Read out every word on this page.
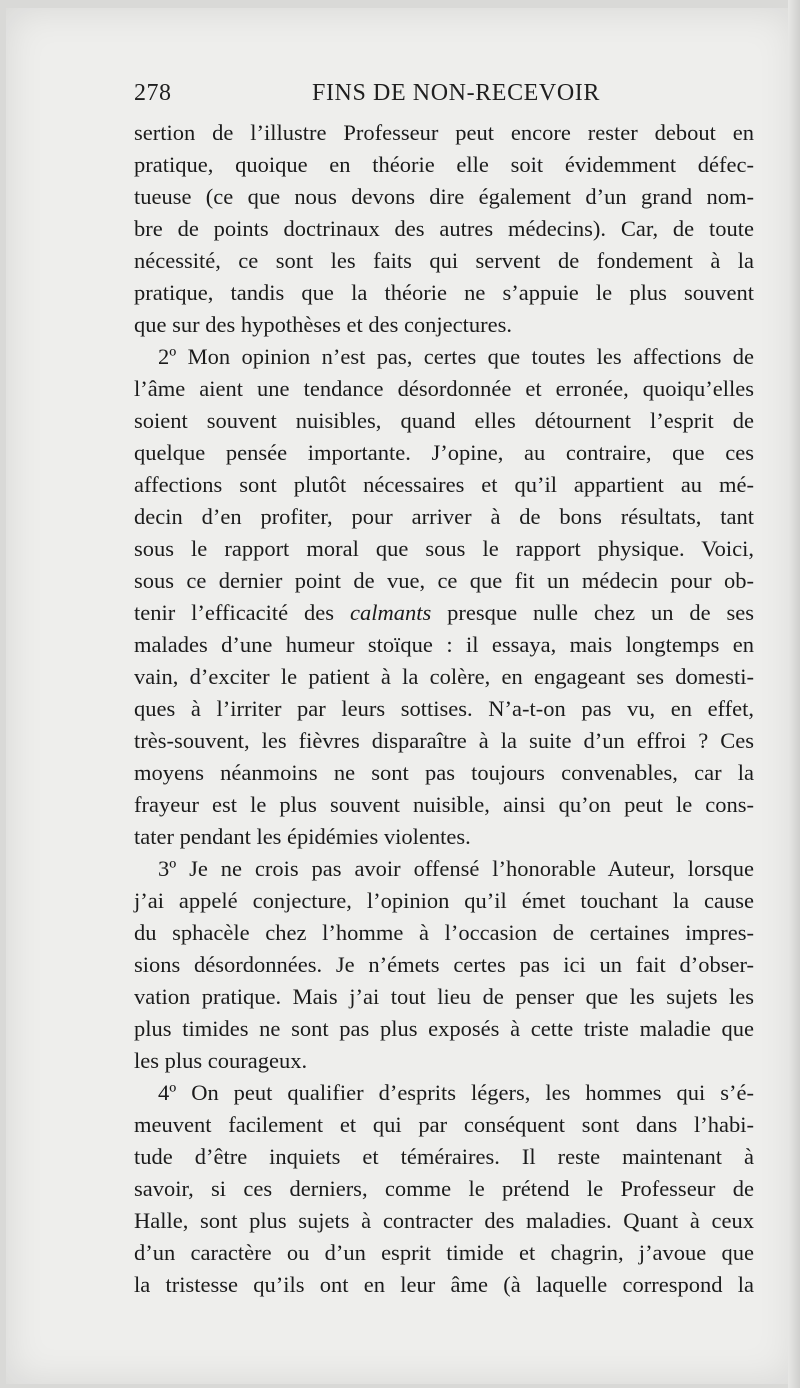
278	FINS DE NON-RECEVOIR
sertion de l’illustre Professeur peut encore rester debout en
pratique, quoique en théorie elle soit évidemment défec-
tueuse (ce que nous devons dire également d’un grand nom-
bre de points doctrinaux des autres médecins). Car, de toute
nécessité, ce sont les faits qui servent de fondement à la
pratique, tandis que la théorie ne s’appuie le plus souvent
que sur des hypothèses et des conjectures.
2º Mon opinion n’est pas, certes que toutes les affections de
l’âme aient une tendance désordonnée et erronée, quoiqu’elles
soient souvent nuisibles, quand elles détournent l’esprit de
quelque pensée importante. J’opine, au contraire, que ces
affections sont plutôt nécessaires et qu’il appartient au mé-
decin d’en profiter, pour arriver à de bons résultats, tant
sous le rapport moral que sous le rapport physique. Voici,
sous ce dernier point de vue, ce que fit un médecin pour ob-
tenir l’efficacité des calmants presque nulle chez un de ses
malades d’une humeur stoïque : il essaya, mais longtemps en
vain, d’exciter le patient à la colère, en engageant ses domesti-
ques à l’irriter par leurs sottises. N’a-t-on pas vu, en effet,
très-souvent, les fièvres disparaître à la suite d’un effroi ? Ces
moyens néanmoins ne sont pas toujours convenables, car la
frayeur est le plus souvent nuisible, ainsi qu’on peut le cons-
tater pendant les épidémies violentes.
3º Je ne crois pas avoir offensé l’honorable Auteur, lorsque
j’ai appelé conjecture, l’opinion qu’il émet touchant la cause
du sphacèle chez l’homme à l’occasion de certaines impres-
sions désordonnées. Je n’émets certes pas ici un fait d’obser-
vation pratique. Mais j’ai tout lieu de penser que les sujets les
plus timides ne sont pas plus exposés à cette triste maladie que
les plus courageux.
4º On peut qualifier d’esprits légers, les hommes qui s’é-
meuvent facilement et qui par conséquent sont dans l’habi-
tude d’être inquiets et téméraires. Il reste maintenant à
savoir, si ces derniers, comme le prétend le Professeur de
Halle, sont plus sujets à contracter des maladies. Quant à ceux
d’un caractère ou d’un esprit timide et chagrin, j’avoue que
la tristesse qu’ils ont en leur âme (à laquelle correspond la
